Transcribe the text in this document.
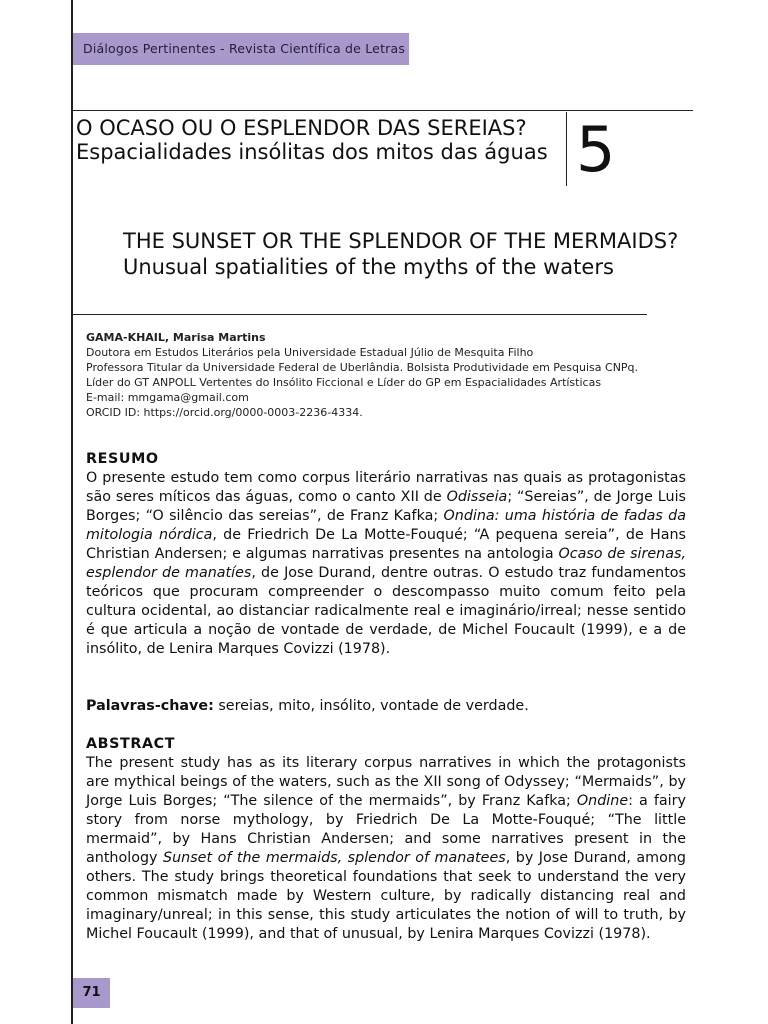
Diálogos Pertinentes - Revista Científica de Letras
O OCASO OU O ESPLENDOR DAS SEREIAS?
Espacialidades insólitas dos mitos das águas 5
THE SUNSET OR THE SPLENDOR OF THE MERMAIDS?
Unusual spatialities of the myths of the waters
GAMA-KHAIL, Marisa Martins
Doutora em Estudos Literários pela Universidade Estadual Júlio de Mesquita Filho
Professora Titular da Universidade Federal de Uberlândia. Bolsista Produtividade em Pesquisa CNPq.
Líder do GT ANPOLL Vertentes do Insólito Ficcional e Líder do GP em Espacialidades Artísticas
E-mail: mmgama@gmail.com
ORCID ID: https://orcid.org/0000-0003-2236-4334.
RESUMO
O presente estudo tem como corpus literário narrativas nas quais as protagonistas são seres míticos das águas, como o canto XII de Odisseia; “Sereias”, de Jorge Luis Borges; “O silêncio das sereias”, de Franz Kafka; Ondina: uma história de fadas da mitologia nórdica, de Friedrich De La Motte-Fouqué; “A pequena sereia”, de Hans Christian Andersen; e algumas narrativas presentes na antologia Ocaso de sirenas, esplendor de manatíes, de Jose Durand, dentre outras. O estudo traz fundamentos teóricos que procuram compreender o descompasso muito comum feito pela cultura ocidental, ao distanciar radicalmente real e imaginário/irreal; nesse sentido é que articula a noção de vontade de verdade, de Michel Foucault (1999), e a de insólito, de Lenira Marques Covizzi (1978).
Palavras-chave: sereias, mito, insólito, vontade de verdade.
ABSTRACT
The present study has as its literary corpus narratives in which the protagonists are mythical beings of the waters, such as the XII song of Odyssey; “Mermaids”, by Jorge Luis Borges; “The silence of the mermaids”, by Franz Kafka; Ondine: a fairy story from norse mythology, by Friedrich De La Motte-Fouqué; “The little mermaid”, by Hans Christian Andersen; and some narratives present in the anthology Sunset of the mermaids, splendor of manatees, by Jose Durand, among others. The study brings theoretical foundations that seek to understand the very common mismatch made by Western culture, by radically distancing real and imaginary/unreal; in this sense, this study articulates the notion of will to truth, by Michel Foucault (1999), and that of unusual, by Lenira Marques Covizzi (1978).
71
